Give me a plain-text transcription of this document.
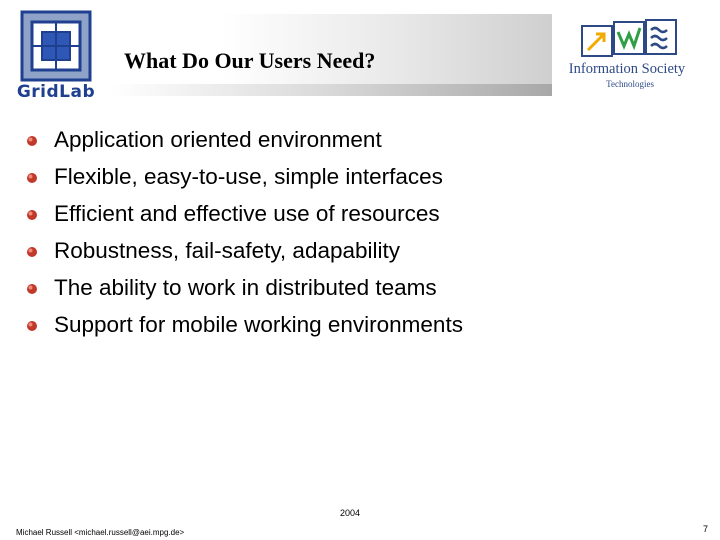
GridLab
What Do Our Users Need?	Information Society
Technologies
Application oriented environment
Flexible, easy-to-use, simple interfaces
Efficient and effective use of resources
Robustness, fail-safety, adapability
The ability to work in distributed teams
Support for mobile working environments
2004
Michael Russell <michael.russell@aei.mpg.de>	7
